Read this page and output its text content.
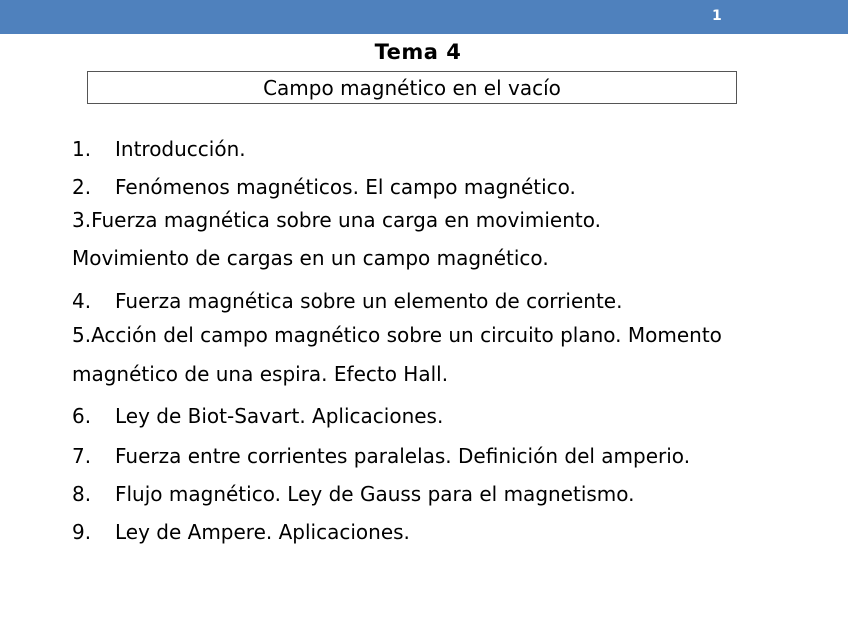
1
Tema 4
Campo magnético en el vacío
1. Introducción.
2. Fenómenos magnéticos. El campo magnético.
3.Fuerza magnética sobre una carga en movimiento.
Movimiento de cargas en un campo magnético.
4. Fuerza magnética sobre un elemento de corriente.
5.Acción del campo magnético sobre un circuito plano. Momento
magnético de una espira. Efecto Hall.
6. Ley de Biot-Savart. Aplicaciones.
7. Fuerza entre corrientes paralelas. Definición del amperio.
8. Flujo magnético. Ley de Gauss para el magnetismo.
9. Ley de Ampere. Aplicaciones.
